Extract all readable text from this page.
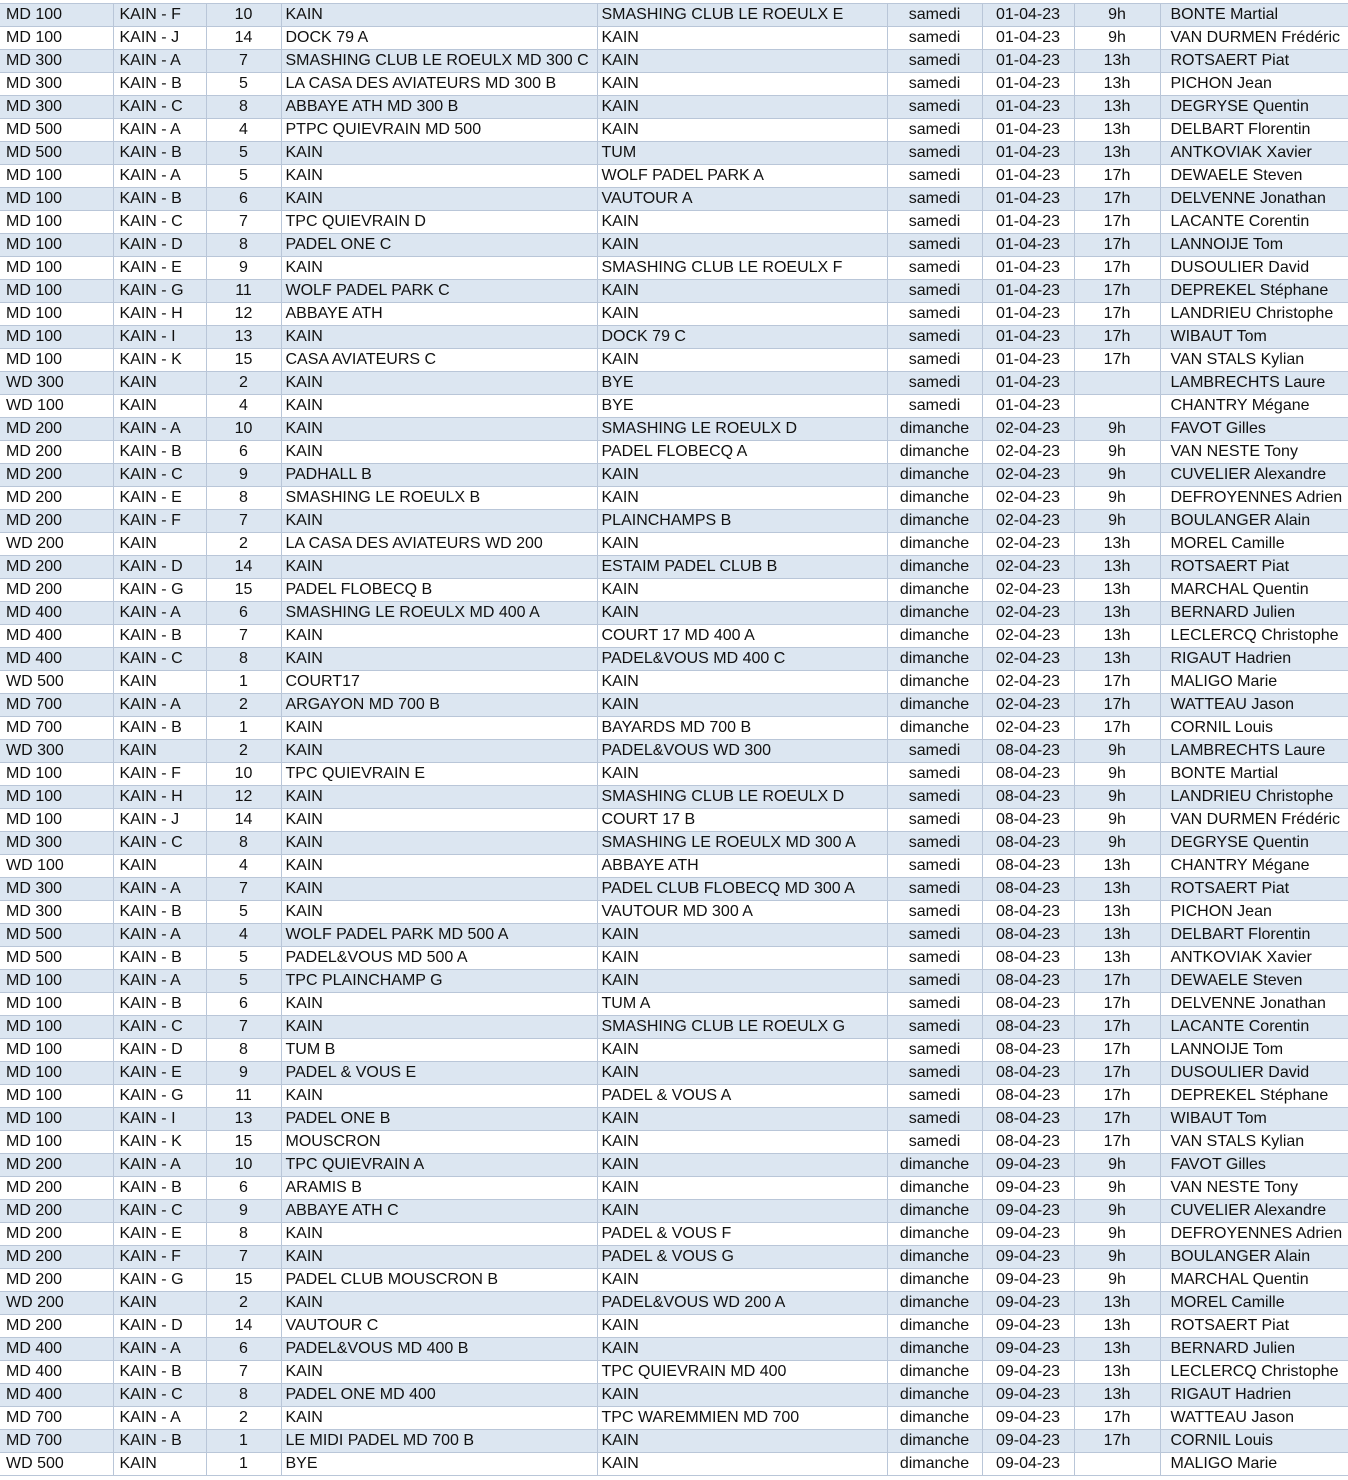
MD 100	KAIN - F	10	KAIN	SMASHING CLUB LE ROEULX E	samedi	01-04-23	9h	BONTE Martial
MD 100	KAIN - J	14	DOCK 79 A	KAIN	samedi	01-04-23	9h	VAN DURMEN Frédéric
MD 300	KAIN - A	7	SMASHING CLUB LE ROEULX MD 300 C	KAIN	samedi	01-04-23	13h	ROTSAERT Piat
MD 300	KAIN - B	5	LA CASA DES AVIATEURS MD 300 B	KAIN	samedi	01-04-23	13h	PICHON Jean
MD 300	KAIN - C	8	ABBAYE ATH MD 300 B	KAIN	samedi	01-04-23	13h	DEGRYSE Quentin
MD 500	KAIN - A	4	PTPC QUIEVRAIN MD 500	KAIN	samedi	01-04-23	13h	DELBART Florentin
MD 500	KAIN - B	5	KAIN	TUM	samedi	01-04-23	13h	ANTKOVIAK Xavier
MD 100	KAIN - A	5	KAIN	WOLF PADEL PARK A	samedi	01-04-23	17h	DEWAELE Steven
MD 100	KAIN - B	6	KAIN	VAUTOUR A	samedi	01-04-23	17h	DELVENNE Jonathan
MD 100	KAIN - C	7	TPC QUIEVRAIN D	KAIN	samedi	01-04-23	17h	LACANTE Corentin
MD 100	KAIN - D	8	PADEL ONE C	KAIN	samedi	01-04-23	17h	LANNOIJE Tom
MD 100	KAIN - E	9	KAIN	SMASHING CLUB LE ROEULX F	samedi	01-04-23	17h	DUSOULIER David
MD 100	KAIN - G	11	WOLF PADEL PARK C	KAIN	samedi	01-04-23	17h	DEPREKEL Stéphane
MD 100	KAIN - H	12	ABBAYE ATH	KAIN	samedi	01-04-23	17h	LANDRIEU Christophe
MD 100	KAIN - I	13	KAIN	DOCK 79 C	samedi	01-04-23	17h	WIBAUT Tom
MD 100	KAIN - K	15	CASA AVIATEURS C	KAIN	samedi	01-04-23	17h	VAN STALS Kylian
WD 300	KAIN	2	KAIN	BYE	samedi	01-04-23		LAMBRECHTS Laure
WD 100	KAIN	4	KAIN	BYE	samedi	01-04-23		CHANTRY Mégane
MD 200	KAIN - A	10	KAIN	SMASHING LE ROEULX D	dimanche	02-04-23	9h	FAVOT Gilles
MD 200	KAIN - B	6	KAIN	PADEL FLOBECQ A	dimanche	02-04-23	9h	VAN NESTE Tony
MD 200	KAIN - C	9	PADHALL B	KAIN	dimanche	02-04-23	9h	CUVELIER Alexandre
MD 200	KAIN - E	8	SMASHING LE ROEULX B	KAIN	dimanche	02-04-23	9h	DEFROYENNES Adrien
MD 200	KAIN - F	7	KAIN	PLAINCHAMPS B	dimanche	02-04-23	9h	BOULANGER Alain
WD 200	KAIN	2	LA CASA DES AVIATEURS WD 200	KAIN	dimanche	02-04-23	13h	MOREL Camille
MD 200	KAIN - D	14	KAIN	ESTAIM PADEL CLUB B	dimanche	02-04-23	13h	ROTSAERT Piat
MD 200	KAIN - G	15	PADEL FLOBECQ B	KAIN	dimanche	02-04-23	13h	MARCHAL Quentin
MD 400	KAIN - A	6	SMASHING LE ROEULX MD 400 A	KAIN	dimanche	02-04-23	13h	BERNARD Julien
MD 400	KAIN - B	7	KAIN	COURT 17 MD 400 A	dimanche	02-04-23	13h	LECLERCQ Christophe
MD 400	KAIN - C	8	KAIN	PADEL&VOUS MD 400 C	dimanche	02-04-23	13h	RIGAUT Hadrien
WD 500	KAIN	1	COURT17	KAIN	dimanche	02-04-23	17h	MALIGO Marie
MD 700	KAIN - A	2	ARGAYON MD 700 B	KAIN	dimanche	02-04-23	17h	WATTEAU Jason
MD 700	KAIN - B	1	KAIN	BAYARDS MD 700 B	dimanche	02-04-23	17h	CORNIL Louis
WD 300	KAIN	2	KAIN	PADEL&VOUS WD 300	samedi	08-04-23	9h	LAMBRECHTS Laure
MD 100	KAIN - F	10	TPC QUIEVRAIN E	KAIN	samedi	08-04-23	9h	BONTE Martial
MD 100	KAIN - H	12	KAIN	SMASHING CLUB LE ROEULX D	samedi	08-04-23	9h	LANDRIEU Christophe
MD 100	KAIN - J	14	KAIN	COURT 17 B	samedi	08-04-23	9h	VAN DURMEN Frédéric
MD 300	KAIN - C	8	KAIN	SMASHING LE ROEULX MD 300 A	samedi	08-04-23	9h	DEGRYSE Quentin
WD 100	KAIN	4	KAIN	ABBAYE ATH	samedi	08-04-23	13h	CHANTRY Mégane
MD 300	KAIN - A	7	KAIN	PADEL CLUB FLOBECQ MD 300 A	samedi	08-04-23	13h	ROTSAERT Piat
MD 300	KAIN - B	5	KAIN	VAUTOUR MD 300 A	samedi	08-04-23	13h	PICHON Jean
MD 500	KAIN - A	4	WOLF PADEL PARK MD 500 A	KAIN	samedi	08-04-23	13h	DELBART Florentin
MD 500	KAIN - B	5	PADEL&VOUS MD 500 A	KAIN	samedi	08-04-23	13h	ANTKOVIAK Xavier
MD 100	KAIN - A	5	TPC PLAINCHAMP G	KAIN	samedi	08-04-23	17h	DEWAELE Steven
MD 100	KAIN - B	6	KAIN	TUM A	samedi	08-04-23	17h	DELVENNE Jonathan
MD 100	KAIN - C	7	KAIN	SMASHING CLUB LE ROEULX G	samedi	08-04-23	17h	LACANTE Corentin
MD 100	KAIN - D	8	TUM B	KAIN	samedi	08-04-23	17h	LANNOIJE Tom
MD 100	KAIN - E	9	PADEL & VOUS E	KAIN	samedi	08-04-23	17h	DUSOULIER David
MD 100	KAIN - G	11	KAIN	PADEL & VOUS A	samedi	08-04-23	17h	DEPREKEL Stéphane
MD 100	KAIN - I	13	PADEL ONE B	KAIN	samedi	08-04-23	17h	WIBAUT Tom
MD 100	KAIN - K	15	MOUSCRON	KAIN	samedi	08-04-23	17h	VAN STALS Kylian
MD 200	KAIN - A	10	TPC QUIEVRAIN A	KAIN	dimanche	09-04-23	9h	FAVOT Gilles
MD 200	KAIN - B	6	ARAMIS B	KAIN	dimanche	09-04-23	9h	VAN NESTE Tony
MD 200	KAIN - C	9	ABBAYE ATH C	KAIN	dimanche	09-04-23	9h	CUVELIER Alexandre
MD 200	KAIN - E	8	KAIN	PADEL & VOUS F	dimanche	09-04-23	9h	DEFROYENNES Adrien
MD 200	KAIN - F	7	KAIN	PADEL & VOUS G	dimanche	09-04-23	9h	BOULANGER Alain
MD 200	KAIN - G	15	PADEL CLUB MOUSCRON B	KAIN	dimanche	09-04-23	9h	MARCHAL Quentin
WD 200	KAIN	2	KAIN	PADEL&VOUS WD 200 A	dimanche	09-04-23	13h	MOREL Camille
MD 200	KAIN - D	14	VAUTOUR C	KAIN	dimanche	09-04-23	13h	ROTSAERT Piat
MD 400	KAIN - A	6	PADEL&VOUS MD 400 B	KAIN	dimanche	09-04-23	13h	BERNARD Julien
MD 400	KAIN - B	7	KAIN	TPC QUIEVRAIN MD 400	dimanche	09-04-23	13h	LECLERCQ Christophe
MD 400	KAIN - C	8	PADEL ONE MD 400	KAIN	dimanche	09-04-23	13h	RIGAUT Hadrien
MD 700	KAIN - A	2	KAIN	TPC WAREMMIEN MD 700	dimanche	09-04-23	17h	WATTEAU Jason
MD 700	KAIN - B	1	LE MIDI PADEL MD 700 B	KAIN	dimanche	09-04-23	17h	CORNIL Louis
WD 500	KAIN	1	BYE	KAIN	dimanche	09-04-23		MALIGO Marie
